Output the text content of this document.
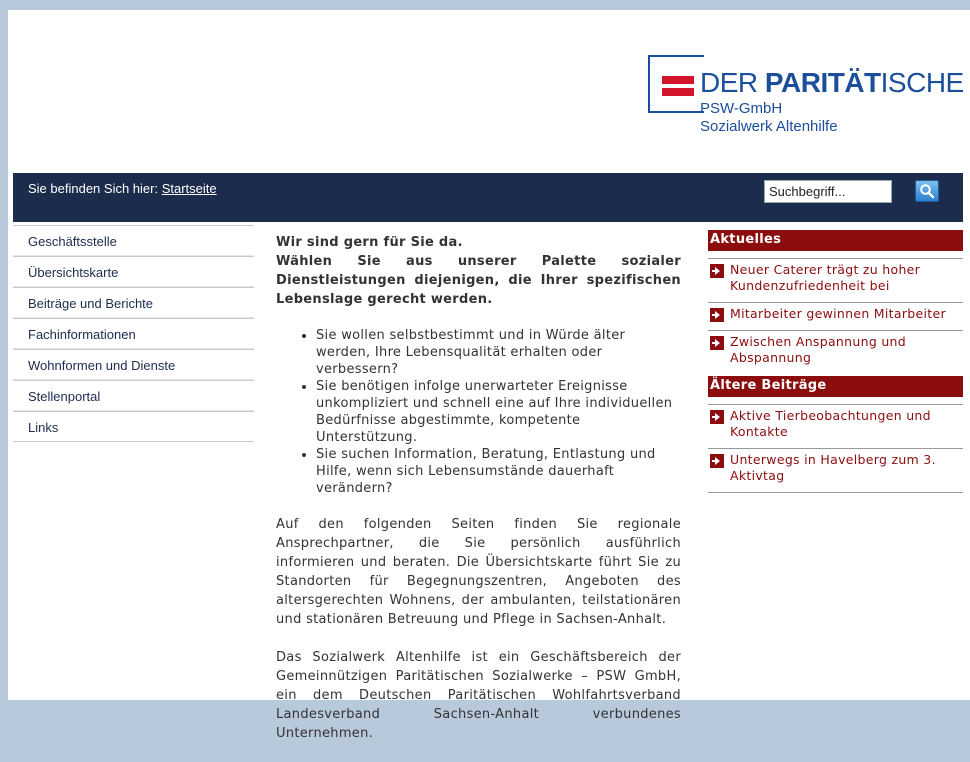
DER PARITÄTISCHE
PSW-GmbH
Sozialwerk Altenhilfe
Sie befinden Sich hier: Startseite
Suchbegriff...
Geschäftsstelle
Übersichtskarte
Beiträge und Berichte
Fachinformationen
Wohnformen und Dienste
Stellenportal
Links
Wir sind gern für Sie da.
Wählen Sie aus unserer Palette sozialer Dienstleistungen diejenigen, die Ihrer spezifischen Lebenslage gerecht werden.
• Sie wollen selbstbestimmt und in Würde älter werden, Ihre Lebensqualität erhalten oder verbessern?
• Sie benötigen infolge unerwarteter Ereignisse unkompliziert und schnell eine auf Ihre individuellen Bedürfnisse abgestimmte, kompetente Unterstützung.
• Sie suchen Information, Beratung, Entlastung und Hilfe, wenn sich Lebensumstände dauerhaft verändern?

Auf den folgenden Seiten finden Sie regionale Ansprechpartner, die Sie persönlich ausführlich informieren und beraten. Die Übersichtskarte führt Sie zu Standorten für Begegnungszentren, Angeboten des altersgerechten Wohnens, der ambulanten, teilstationären und stationären Betreuung und Pflege in Sachsen-Anhalt.

Das Sozialwerk Altenhilfe ist ein Geschäftsbereich der Gemeinnützigen Paritätischen Sozialwerke – PSW GmbH, ein dem Deutschen Paritätischen Wohlfahrtsverband Landesverband Sachsen-Anhalt verbundenes Unternehmen.

Aktuelles
Neuer Caterer trägt zu hoher Kundenzufriedenheit bei
Mitarbeiter gewinnen Mitarbeiter
Zwischen Anspannung und Abspannung
Ältere Beiträge
Aktive Tierbeobachtungen und Kontakte
Unterwegs in Havelberg zum 3. Aktivtag
